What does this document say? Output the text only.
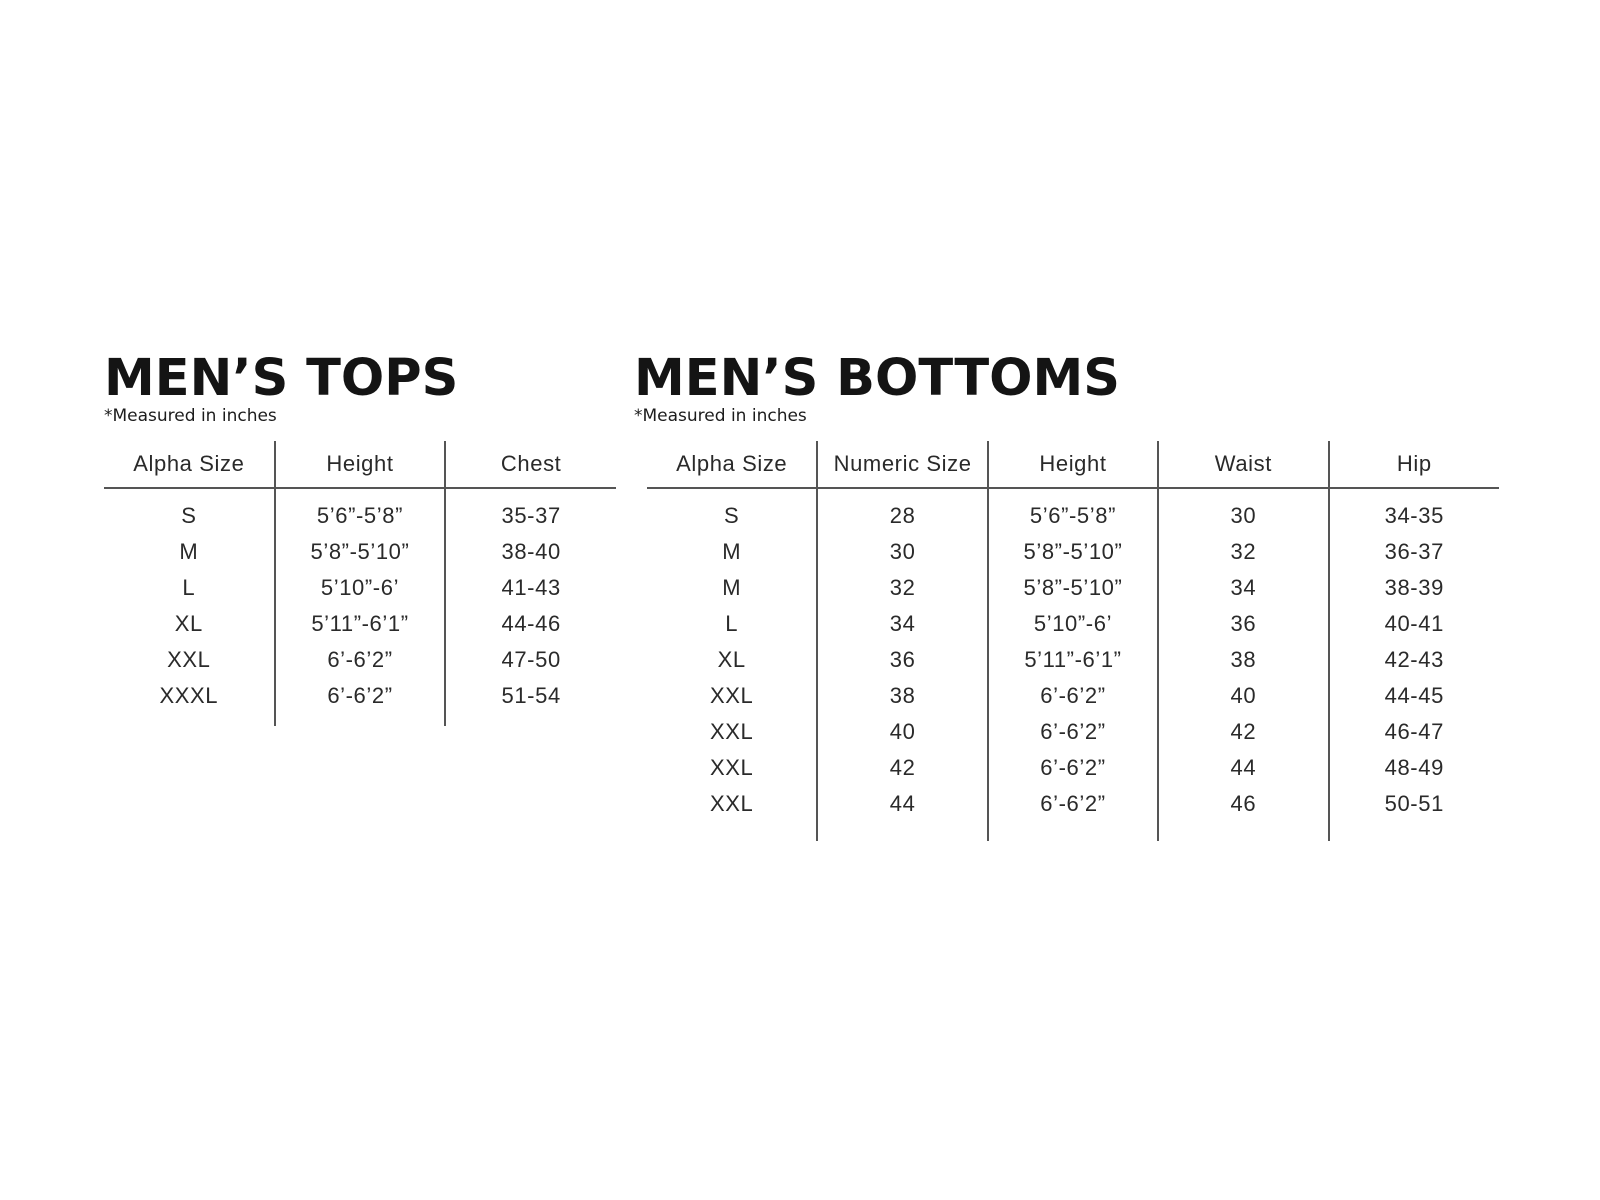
MEN’S TOPS
*Measured in inches
MEN’S BOTTOMS
*Measured in inches
Alpha Size	Height	Chest
S	5’6”-5’8”	35-37
M	5’8”-5’10”	38-40
L	5’10”-6’	41-43
XL	5’11”-6’1”	44-46
XXL	6’-6’2”	47-50
XXXL	6’-6’2”	51-54

Alpha Size	Numeric Size	Height	Waist	Hip
S	28	5’6”-5’8”	30	34-35
M	30	5’8”-5’10”	32	36-37
M	32	5’8”-5’10”	34	38-39
L	34	5’10”-6’	36	40-41
XL	36	5’11”-6’1”	38	42-43
XXL	38	6’-6’2”	40	44-45
XXL	40	6’-6’2”	42	46-47
XXL	42	6’-6’2”	44	48-49
XXL	44	6’-6’2”	46	50-51
